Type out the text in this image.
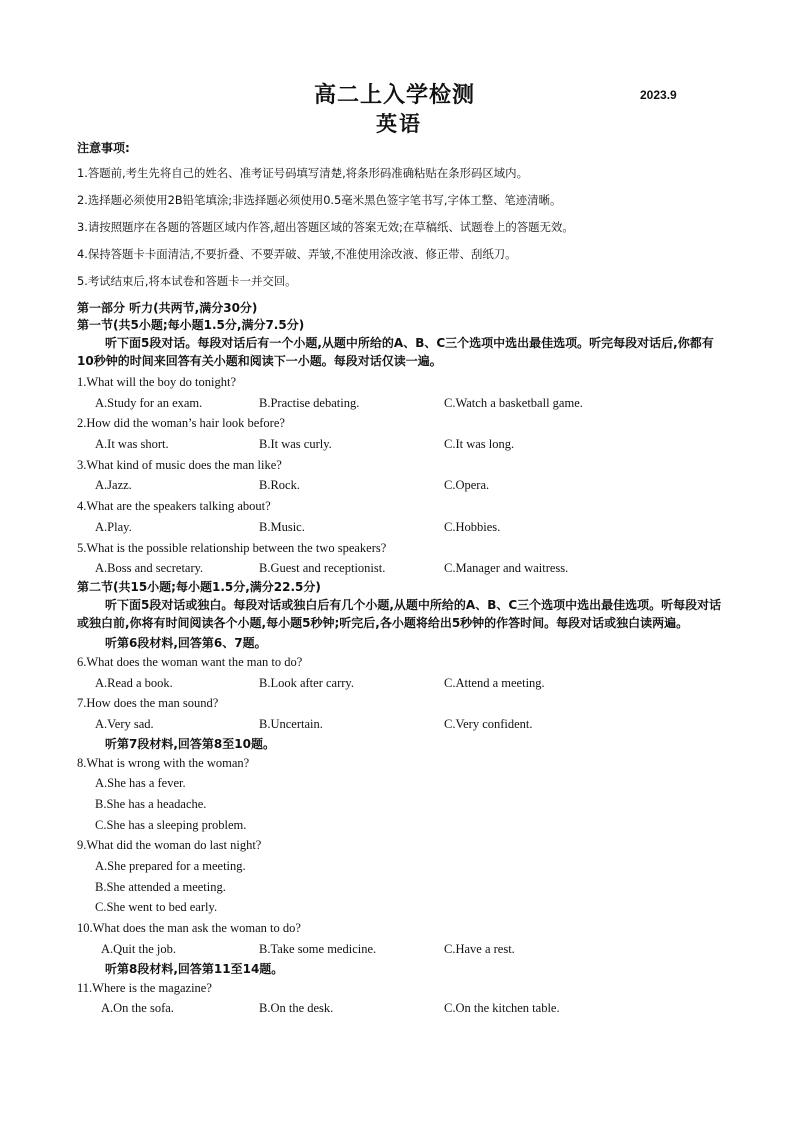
高二上入学检测	2023.9
英语
注意事项:
1.答题前,考生先将自己的姓名、准考证号码填写清楚,将条形码准确粘贴在条形码区域内。
2.选择题必须使用2B铅笔填涂;非选择题必须使用0.5毫米黑色签字笔书写,字体工整、笔迹清晰。
3.请按照题序在各题的答题区域内作答,超出答题区域的答案无效;在草稿纸、试题卷上的答题无效。
4.保持答题卡卡面清洁,不要折叠、不要弄破、弄皱,不准使用涂改液、修正带、刮纸刀。
5.考试结束后,将本试卷和答题卡一并交回。
第一部分 听力(共两节,满分30分)
第一节(共5小题;每小题1.5分,满分7.5分)
听下面5段对话。每段对话后有一个小题,从题中所给的A、B、C三个选项中选出最佳选项。听完每段对话后,你都有10秒钟的时间来回答有关小题和阅读下一小题。每段对话仅读一遍。
1.What will the boy do tonight?
A.Study for an exam.	B.Practise debating.	C.Watch a basketball game.
2.How did the woman’s hair look before?
A.It was short.	B.It was curly.	C.It was long.
3.What kind of music does the man like?
A.Jazz.	B.Rock.	C.Opera.
4.What are the speakers talking about?
A.Play.	B.Music.	C.Hobbies.
5.What is the possible relationship between the two speakers?
A.Boss and secretary.	B.Guest and receptionist.	C.Manager and waitress.
第二节(共15小题;每小题1.5分,满分22.5分)
听下面5段对话或独白。每段对话或独白后有几个小题,从题中所给的A、B、C三个选项中选出最佳选项。听每段对话或独白前,你将有时间阅读各个小题,每小题5秒钟;听完后,各小题将给出5秒钟的作答时间。每段对话或独白读两遍。
听第6段材料,回答第6、7题。
6.What does the woman want the man to do?
A.Read a book.	B.Look after carry.	C.Attend a meeting.
7.How does the man sound?
A.Very sad.	B.Uncertain.	C.Very confident.
听第7段材料,回答第8至10题。
8.What is wrong with the woman?
A.She has a fever.
B.She has a headache.
C.She has a sleeping problem.
9.What did the woman do last night?
A.She prepared for a meeting.
B.She attended a meeting.
C.She went to bed early.
10.What does the man ask the woman to do?
A.Quit the job.	B.Take some medicine.	C.Have a rest.
听第8段材料,回答第11至14题。
11.Where is the magazine?
A.On the sofa.	B.On the desk.	C.On the kitchen table.
